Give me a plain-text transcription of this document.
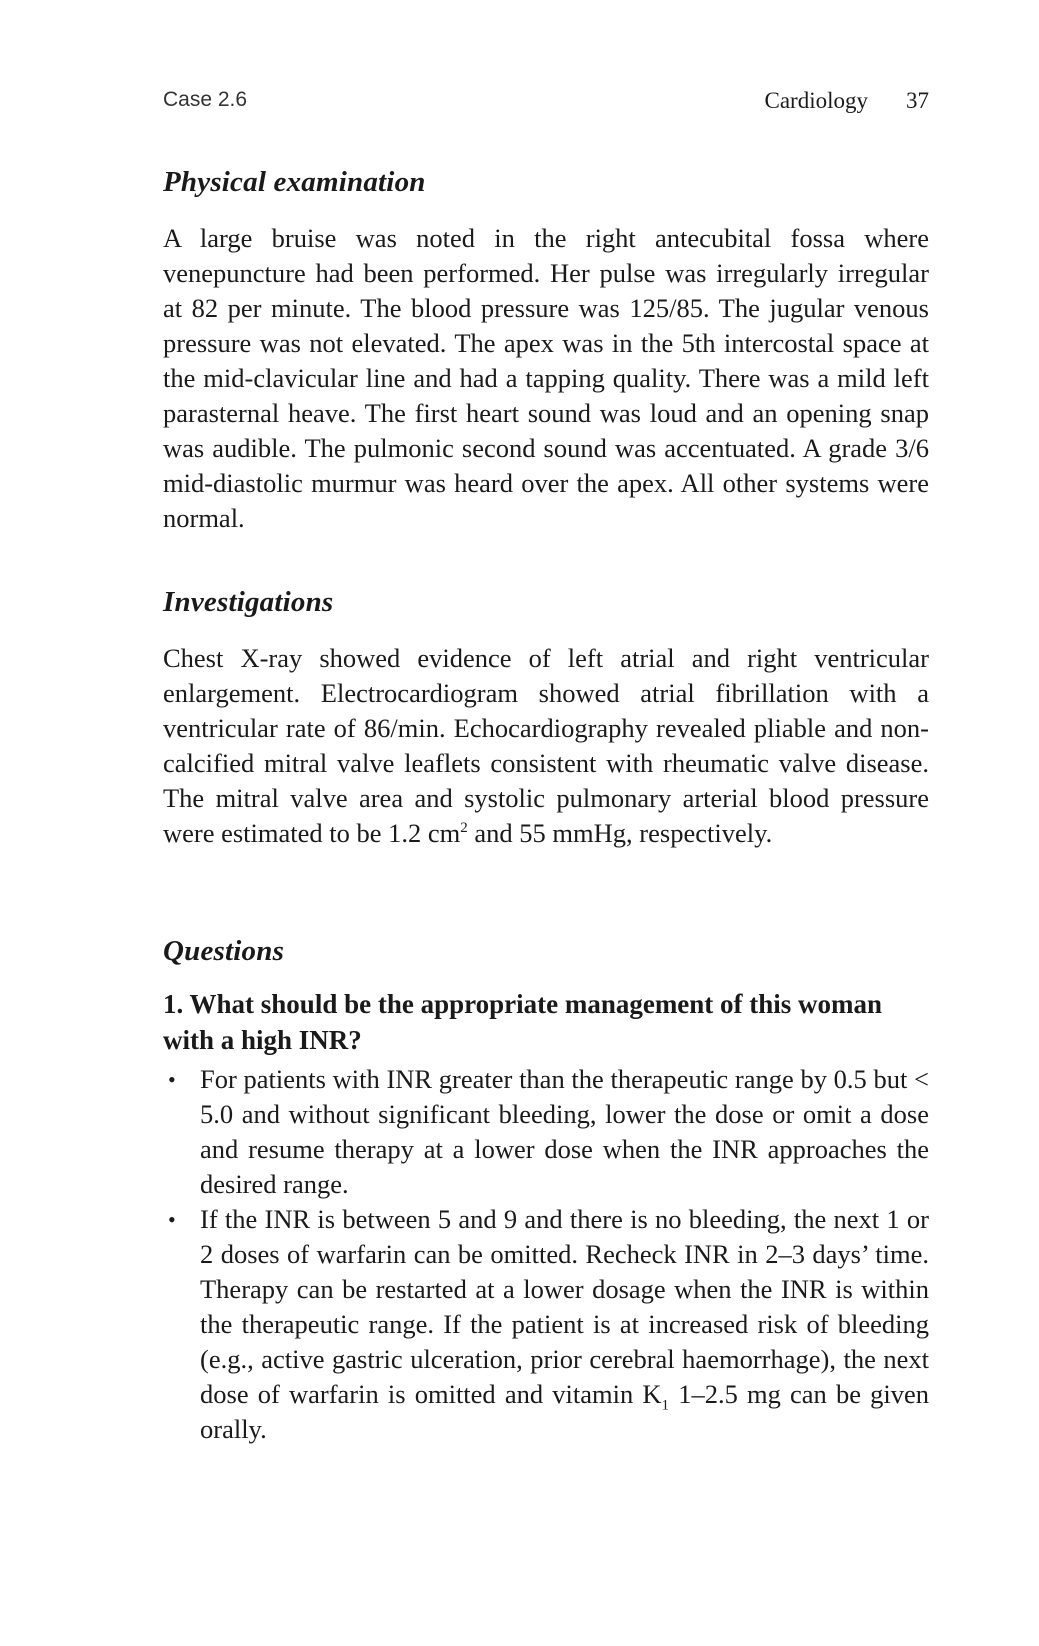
Case 2.6	Cardiology 37
Physical examination

A large bruise was noted in the right antecubital fossa where venepuncture had been performed. Her pulse was irregularly irregular at 82 per minute. The blood pressure was 125/85. The jugular venous pressure was not elevated. The apex was in the 5th intercostal space at the mid-clavicular line and had a tapping quality. There was a mild left parasternal heave. The first heart sound was loud and an opening snap was audible. The pulmonic second sound was accentuated. A grade 3/6 mid-diastolic murmur was heard over the apex. All other systems were normal.

Investigations

Chest X-ray showed evidence of left atrial and right ventricular enlargement. Electrocardiogram showed atrial fibrillation with a ventricular rate of 86/min. Echocardiography revealed pliable and non-calcified mitral valve leaflets consistent with rheumatic valve disease. The mitral valve area and systolic pulmonary arterial blood pressure were estimated to be 1.2 $cm^2$ and 55 mmHg, respectively.

Questions

1. What should be the appropriate management of this woman with a high INR?

• For patients with INR greater than the therapeutic range by 0.5 but < 5.0 and without significant bleeding, lower the dose or omit a dose and resume therapy at a lower dose when the INR approaches the desired range.
• If the INR is between 5 and 9 and there is no bleeding, the next 1 or 2 doses of warfarin can be omitted. Recheck INR in 2–3 days’ time. Therapy can be restarted at a lower dosage when the INR is within the therapeutic range. If the patient is at increased risk of bleeding (e.g., active gastric ulceration, prior cerebral haemorrhage), the next dose of warfarin is omitted and vitamin $K_1$ 1–2.5 mg can be given orally.
